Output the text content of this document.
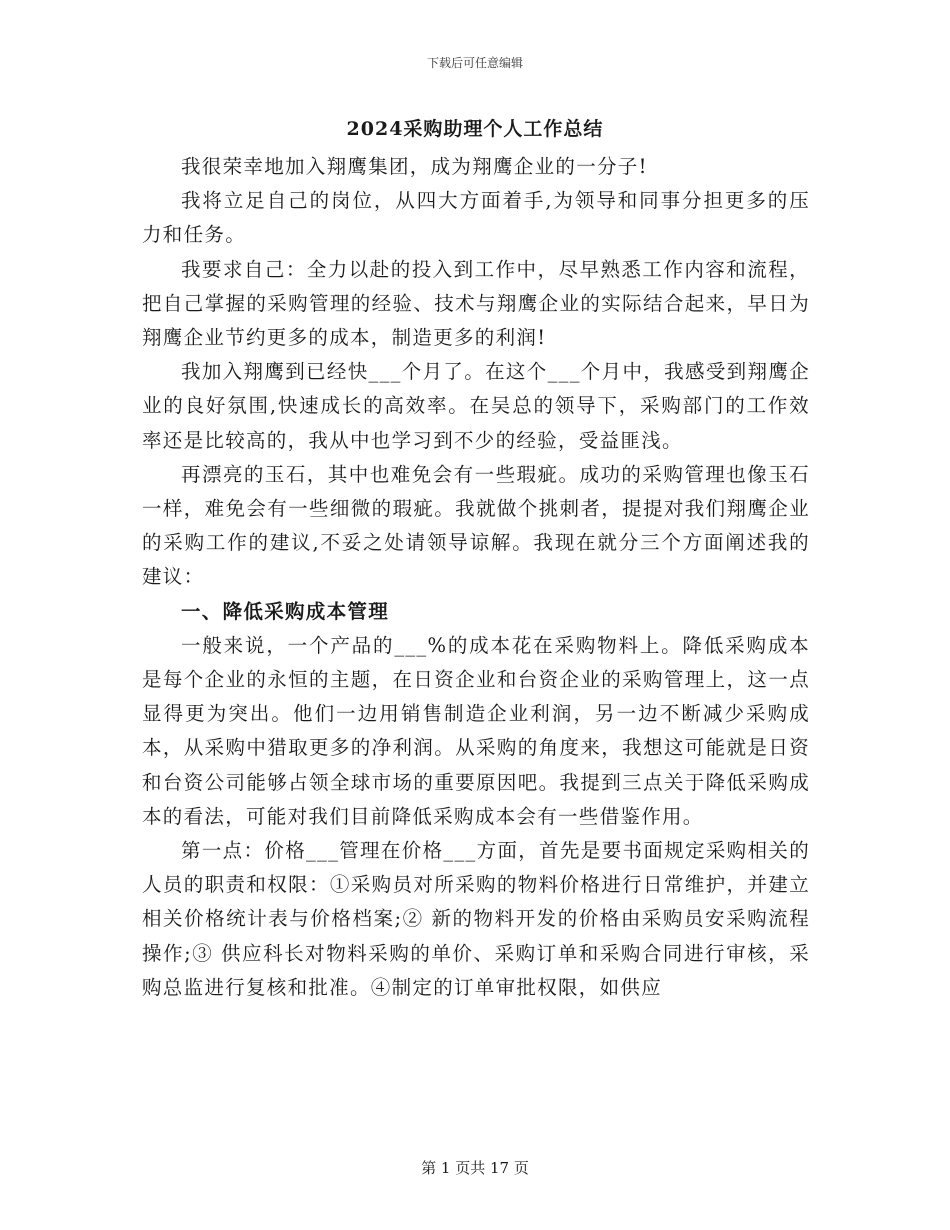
下载后可任意编辑
2024采购助理个人工作总结

我很荣幸地加入翔鹰集团，成为翔鹰企业的一分子!

我将立足自己的岗位，从四大方面着手,为领导和同事分担更多的压力和任务。

我要求自己：全力以赴的投入到工作中，尽早熟悉工作内容和流程，把自己掌握的采购管理的经验、技术与翔鹰企业的实际结合起来，早日为翔鹰企业节约更多的成本，制造更多的利润!

我加入翔鹰到已经快___个月了。在这个___个月中，我感受到翔鹰企业的良好氛围,快速成长的高效率。在吴总的领导下，采购部门的工作效率还是比较高的，我从中也学习到不少的经验，受益匪浅。

再漂亮的玉石，其中也难免会有一些瑕疵。成功的采购管理也像玉石一样，难免会有一些细微的瑕疵。我就做个挑刺者，提提对我们翔鹰企业的采购工作的建议,不妥之处请领导谅解。我现在就分三个方面阐述我的建议：

一、降低采购成本管理

一般来说，一个产品的___%的成本花在采购物料上。降低采购成本是每个企业的永恒的主题，在日资企业和台资企业的采购管理上，这一点显得更为突出。他们一边用销售制造企业利润，另一边不断减少采购成本，从采购中猎取更多的净利润。从采购的角度来，我想这可能就是日资和台资公司能够占领全球市场的重要原因吧。我提到三点关于降低采购成本的看法，可能对我们目前降低采购成本会有一些借鉴作用。

第一点：价格___管理在价格___方面，首先是要书面规定采购相关的人员的职责和权限：①采购员对所采购的物料价格进行日常维护，并建立相关价格统计表与价格档案;② 新的物料开发的价格由采购员安采购流程操作;③ 供应科长对物料采购的单价、采购订单和采购合同进行审核，采购总监进行复核和批准。④制定的订单审批权限，如供应

第 1 页共 17 页
